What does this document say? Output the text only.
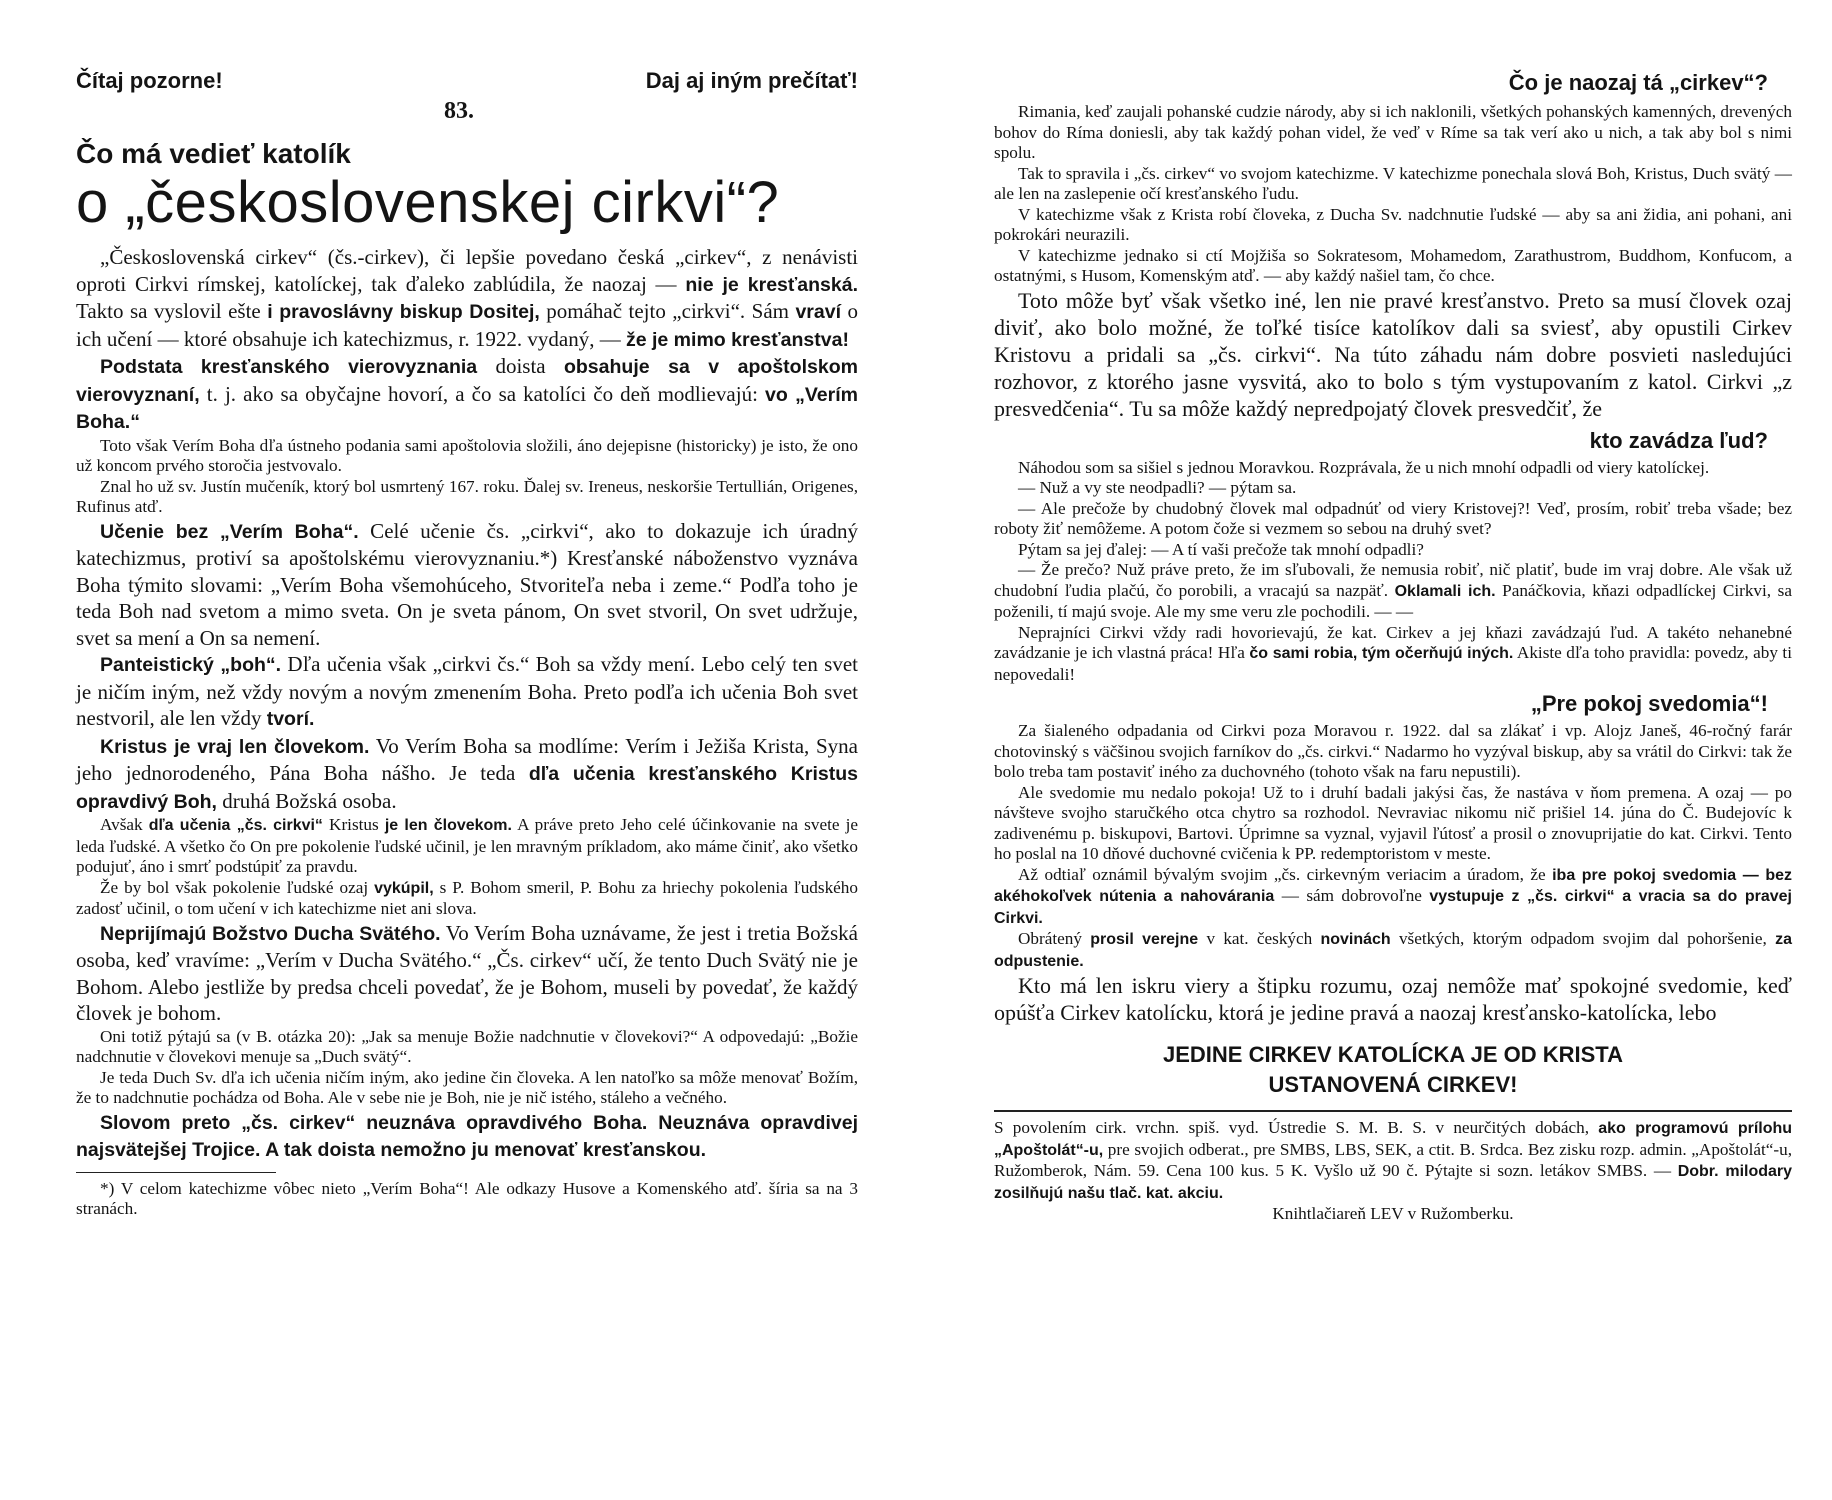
Čítaj pozorne!	Daj aj iným prečítať!
83.
Čo má vedieť katolík
o „československej cirkvi“?

„Československá cirkev“ (čs.-cirkev), či lepšie povedano česká „cirkev“, z nenávisti oproti Cirkvi rímskej, katolíckej, tak ďaleko zablúdila, že naozaj — nie je kresťanská. Takto sa vyslovil ešte i pravoslávny biskup Dositej, pomáhač tejto „cirkvi“. Sám vraví o ich učení — ktoré obsahuje ich katechizmus, r. 1922. vydaný, — že je mimo kresťanstva!

Podstata kresťanského vierovyznania doista obsahuje sa v apoštolskom vierovyznaní, t. j. ako sa obyčajne hovorí, a čo sa katolíci čo deň modlievajú: vo „Verím Boha.“

Toto však Verím Boha dľa ústneho podania sami apoštolovia složili, áno dejepisne (historicky) je isto, že ono už koncom prvého storočia jestvovalo.

Znal ho už sv. Justín mučeník, ktorý bol usmrtený 167. roku. Ďalej sv. Ireneus, neskoršie Tertullián, Origenes, Rufinus atď.

Učenie bez „Verím Boha“. Celé učenie čs. „cirkvi“, ako to dokazuje ich úradný katechizmus, protiví sa apoštolskému vierovyznaniu.*) Kresťanské náboženstvo vyznáva Boha týmito slovami: „Verím Boha všemohúceho, Stvoriteľa neba i zeme.“ Podľa toho je teda Boh nad svetom a mimo sveta. On je sveta pánom, On svet stvoril, On svet udržuje, svet sa mení a On sa nemení.

Panteistický „boh“. Dľa učenia však „cirkvi čs.“ Boh sa vždy mení. Lebo celý ten svet je ničím iným, než vždy novým a novým zmenením Boha. Preto podľa ich učenia Boh svet nestvoril, ale len vždy tvorí.

Kristus je vraj len človekom. Vo Verím Boha sa modlíme: Verím i Ježiša Krista, Syna jeho jednorodeného, Pána Boha nášho. Je teda dľa učenia kresťanského Kristus opravdivý Boh, druhá Božská osoba.

Avšak dľa učenia „čs. cirkvi“ Kristus je len človekom. A práve preto Jeho celé účinkovanie na svete je leda ľudské. A všetko čo On pre pokolenie ľudské učinil, je len mravným príkladom, ako máme činiť, ako všetko podujuť, áno i smrť podstúpiť za pravdu.

Že by bol však pokolenie ľudské ozaj vykúpil, s P. Bohom smeril, P. Bohu za hriechy pokolenia ľudského zadosť učinil, o tom učení v ich katechizme niet ani slova.

Neprijímajú Božstvo Ducha Svätého. Vo Verím Boha uznávame, že jest i tretia Božská osoba, keď vravíme: „Verím v Ducha Svätého.“ „Čs. cirkev“ učí, že tento Duch Svätý nie je Bohom. Alebo jestliže by predsa chceli povedať, že je Bohom, museli by povedať, že každý človek je bohom.

Oni totiž pýtajú sa (v B. otázka 20): „Jak sa menuje Božie nadchnutie v človekovi?“ A odpovedajú: „Božie nadchnutie v človekovi menuje sa „Duch svätý“.

Je teda Duch Sv. dľa ich učenia ničím iným, ako jedine čin človeka. A len natoľko sa môže menovať Božím, že to nadchnutie pochádza od Boha. Ale v sebe nie je Boh, nie je nič istého, stáleho a večného.

Slovom preto „čs. cirkev“ neuznáva opravdivého Boha. Neuznáva opravdivej najsvätejšej Trojice. A tak doista nemožno ju menovať kresťanskou.

*) V celom katechizme vôbec nieto „Verím Boha“! Ale odkazy Husove a Komenského atď. šíria sa na 3 stranách.

Čo je naozaj tá „cirkev“?

Rimania, keď zaujali pohanské cudzie národy, aby si ich naklonili, všetkých pohanských kamenných, drevených bohov do Ríma doniesli, aby tak každý pohan videl, že veď v Ríme sa tak verí ako u nich, a tak aby bol s nimi spolu.

Tak to spravila i „čs. cirkev“ vo svojom katechizme. V katechizme ponechala slová Boh, Kristus, Duch svätý — ale len na zaslepenie očí kresťanského ľudu.

V katechizme však z Krista robí človeka, z Ducha Sv. nadchnutie ľudské — aby sa ani židia, ani pohani, ani pokrokári neurazili.

V katechizme jednako si ctí Mojžiša so Sokratesom, Mohamedom, Zarathustrom, Buddhom, Konfucom, a ostatnými, s Husom, Komenským atď. — aby každý našiel tam, čo chce.

Toto môže byť však všetko iné, len nie pravé kresťanstvo. Preto sa musí človek ozaj diviť, ako bolo možné, že toľké tisíce katolíkov dali sa sviesť, aby opustili Cirkev Kristovu a pridali sa „čs. cirkvi“. Na túto záhadu nám dobre posvieti nasledujúci rozhovor, z ktorého jasne vysvitá, ako to bolo s tým vystupovaním z katol. Cirkvi „z presvedčenia“. Tu sa môže každý nepredpojatý človek presvedčiť, že

kto zavádza ľud?

Náhodou som sa sišiel s jednou Moravkou. Rozprávala, že u nich mnohí odpadli od viery katolíckej.

— Nuž a vy ste neodpadli? — pýtam sa.

— Ale prečože by chudobný človek mal odpadnúť od viery Kristovej?! Veď, prosím, robiť treba všade; bez roboty žiť nemôžeme. A potom čože si vezmem so sebou na druhý svet?

Pýtam sa jej ďalej: — A tí vaši prečože tak mnohí odpadli?

— Že prečo? Nuž práve preto, že im sľubovali, že nemusia robiť, nič platiť, bude im vraj dobre. Ale však už chudobní ľudia plačú, čo porobili, a vracajú sa nazpäť. Oklamali ich. Panáčkovia, kňazi odpadlíckej Cirkvi, sa poženili, tí majú svoje. Ale my sme veru zle pochodili. — —

Neprajníci Cirkvi vždy radi hovorievajú, že kat. Cirkev a jej kňazi zavádzajú ľud. A takéto nehanebné zavádzanie je ich vlastná práca! Hľa čo sami robia, tým očerňujú iných. Akiste dľa toho pravidla: povedz, aby ti nepovedali!

„Pre pokoj svedomia“!

Za šialeného odpadania od Cirkvi poza Moravou r. 1922. dal sa zlákať i vp. Alojz Janeš, 46-ročný farár chotovinský s väčšinou svojich farníkov do „čs. cirkvi.“ Nadarmo ho vyzýval biskup, aby sa vrátil do Cirkvi: tak že bolo treba tam postaviť iného za duchovného (tohoto však na faru nepustili).

Ale svedomie mu nedalo pokoja! Už to i druhí badali jakýsi čas, že nastáva v ňom premena. A ozaj — po návšteve svojho staručkého otca chytro sa rozhodol. Nevraviac nikomu nič prišiel 14. júna do Č. Budejovíc k zadivenému p. biskupovi, Bartovi. Úprimne sa vyznal, vyjavil ľútosť a prosil o znovuprijatie do kat. Cirkvi. Tento ho poslal na 10 dňové duchovné cvičenia k PP. redemptoristom v meste.

Až odtiaľ oznámil bývalým svojim „čs. cirkevným veriacim a úradom, že iba pre pokoj svedomia — bez akéhokoľvek nútenia a nahovárania — sám dobrovoľne vystupuje z „čs. cirkvi“ a vracia sa do pravej Cirkvi.

Obrátený prosil verejne v kat. českých novinách všetkých, ktorým odpadom svojim dal pohoršenie, za odpustenie.

Kto má len iskru viery a štipku rozumu, ozaj nemôže mať spokojné svedomie, keď opúšťa Cirkev katolícku, ktorá je jedine pravá a naozaj kresťansko-katolícka, lebo

JEDINE CIRKEV KATOLÍCKA JE OD KRISTA
USTANOVENÁ CIRKEV!

S povolením cirk. vrchn. spiš. vyd. Ústredie S. M. B. S. v neurčitých dobách, ako programovú prílohu „Apoštolát“-u, pre svojich odberat., pre SMBS, LBS, SEK, a ctit. B. Srdca. Bez zisku rozp. admin. „Apoštolát“-u, Ružomberok, Nám. 59. Cena 100 kus. 5 K. Vyšlo už 90 č. Pýtajte si sozn. letákov SMBS. — Dobr. milodary zosilňujú našu tlač. kat. akciu.

Knihtlačiareň LEV v Ružomberku.
